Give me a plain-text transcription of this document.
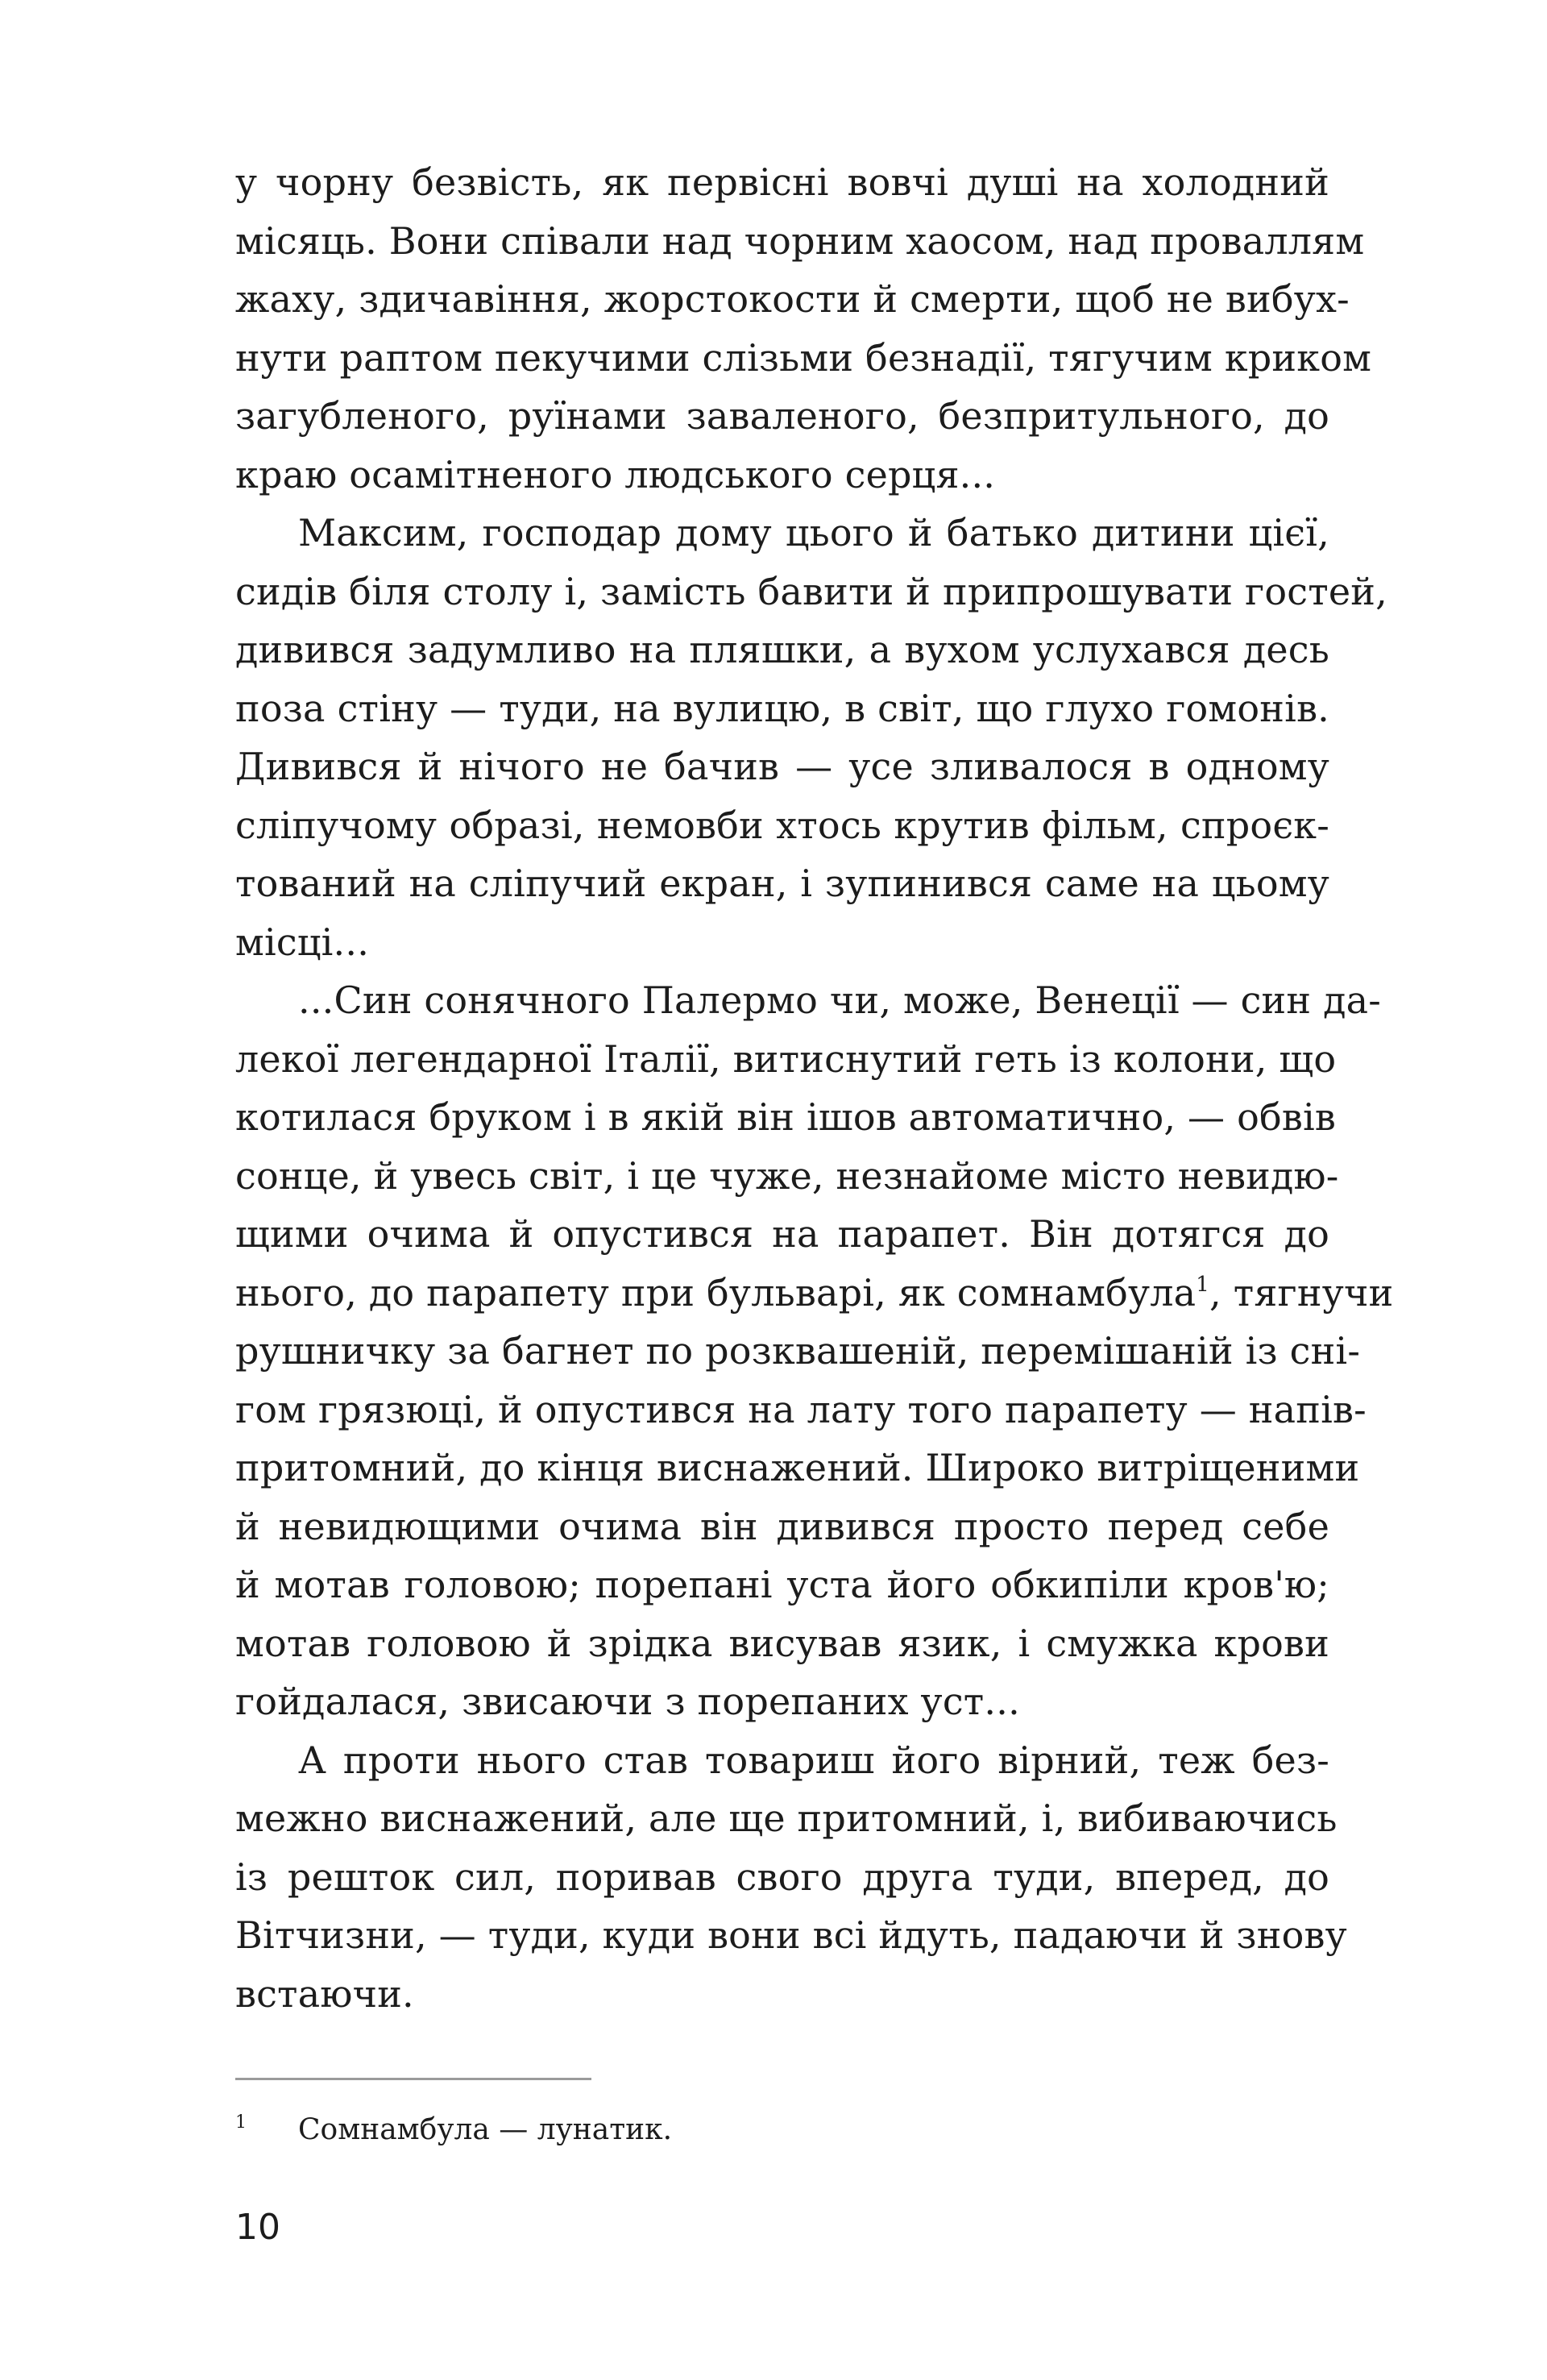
у чорну безвість, як первісні вовчі душі на холодний
місяць. Вони співали над чорним хаосом, над проваллям
жаху, здичавіння, жорстокости й смерти, щоб не вибух-
нути раптом пекучими слізьми безнадії, тягучим криком
загубленого, руїнами заваленого, безпритульного, до
краю осамітненого людського серця...
Максим, господар дому цього й батько дитини цієї,
сидів біля столу і, замість бавити й припрошувати гостей,
дивився задумливо на пляшки, а вухом услухався десь
поза стіну — туди, на вулицю, в світ, що глухо гомонів.
Дивився й нічого не бачив — усе зливалося в одному
сліпучому образі, немовби хтось крутив фільм, спроєк-
тований на сліпучий екран, і зупинився саме на цьому
місці...
...Син сонячного Палермо чи, може, Венеції — син да-
лекої легендарної Італії, витиснутий геть із колони, що
котилася бруком і в якій він ішов автоматично, — обвів
сонце, й увесь світ, і це чуже, незнайоме місто невидю-
щими очима й опустився на парапет. Він дотягся до
нього, до парапету при бульварі, як сомнамбула$^1$, тягнучи
рушничку за багнет по розквашеній, перемішаній із сні-
гом грязюці, й опустився на лату того парапету — напів-
притомний, до кінця виснажений. Широко витріщеними
й невидющими очима він дивився просто перед себе
й мотав головою; порепані уста його обкипіли кров'ю;
мотав головою й зрідка висував язик, і смужка крови
гойдалася, звисаючи з порепаних уст...
А проти нього став товариш його вірний, теж без-
межно виснажений, але ще притомний, і, вибиваючись
із решток сил, поривав свого друга туди, вперед, до
Вітчизни, — туди, куди вони всі йдуть, падаючи й знову
встаючи.
1 Сомнамбула — лунатик.
10
